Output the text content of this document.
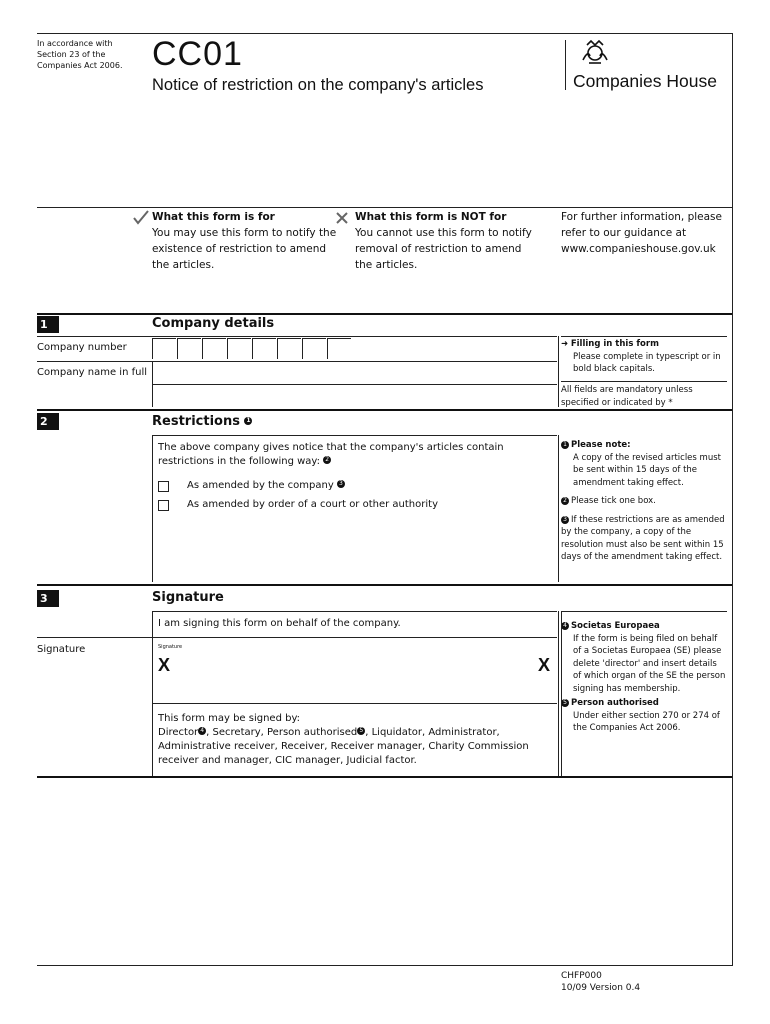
In accordance with Section 23 of the Companies Act 2006. CC01
Notice of restriction on the company's articles	Companies House
What this form is for
You may use this form to notify the existence of restriction to amend the articles.
What this form is NOT for
You cannot use this form to notify removal of restriction to amend the articles.
For further information, please refer to our guidance at www.companieshouse.gov.uk
1	Company details
Company number
Company name in full
➜ Filling in this form

Please complete in typescript or in bold black capitals.
All fields are mandatory unless specified or indicated by *
2	Restrictions 1
The above company gives notice that the company's articles contain restrictions in the following way: 2
As amended by the company 3
As amended by order of a court or other authority
1 Please note:
A copy of the revised articles must be sent within 15 days of the amendment taking effect.
2 Please tick one box.
3 If these restrictions are as amended by the company, a copy of the resolution must also be sent within 15 days of the amendment taking effect.
3	Signature
I am signing this form on behalf of the company.
Signature	Signature
X	X
This form may be signed by:
Director 4 , Secretary, Person authorised 5 , Liquidator, Administrator,
Administrative receiver, Receiver, Receiver manager, Charity Commission receiver and manager, CIC manager, Judicial factor.
4 Societas Europaea
If the form is being filed on behalf of a Societas Europaea (SE) please delete 'director' and insert details of which organ of the SE the person signing has membership.
5 Person authorised
Under either section 270 or 274 of the Companies Act 2006.
CHFP000
10/09 Version 0.4
